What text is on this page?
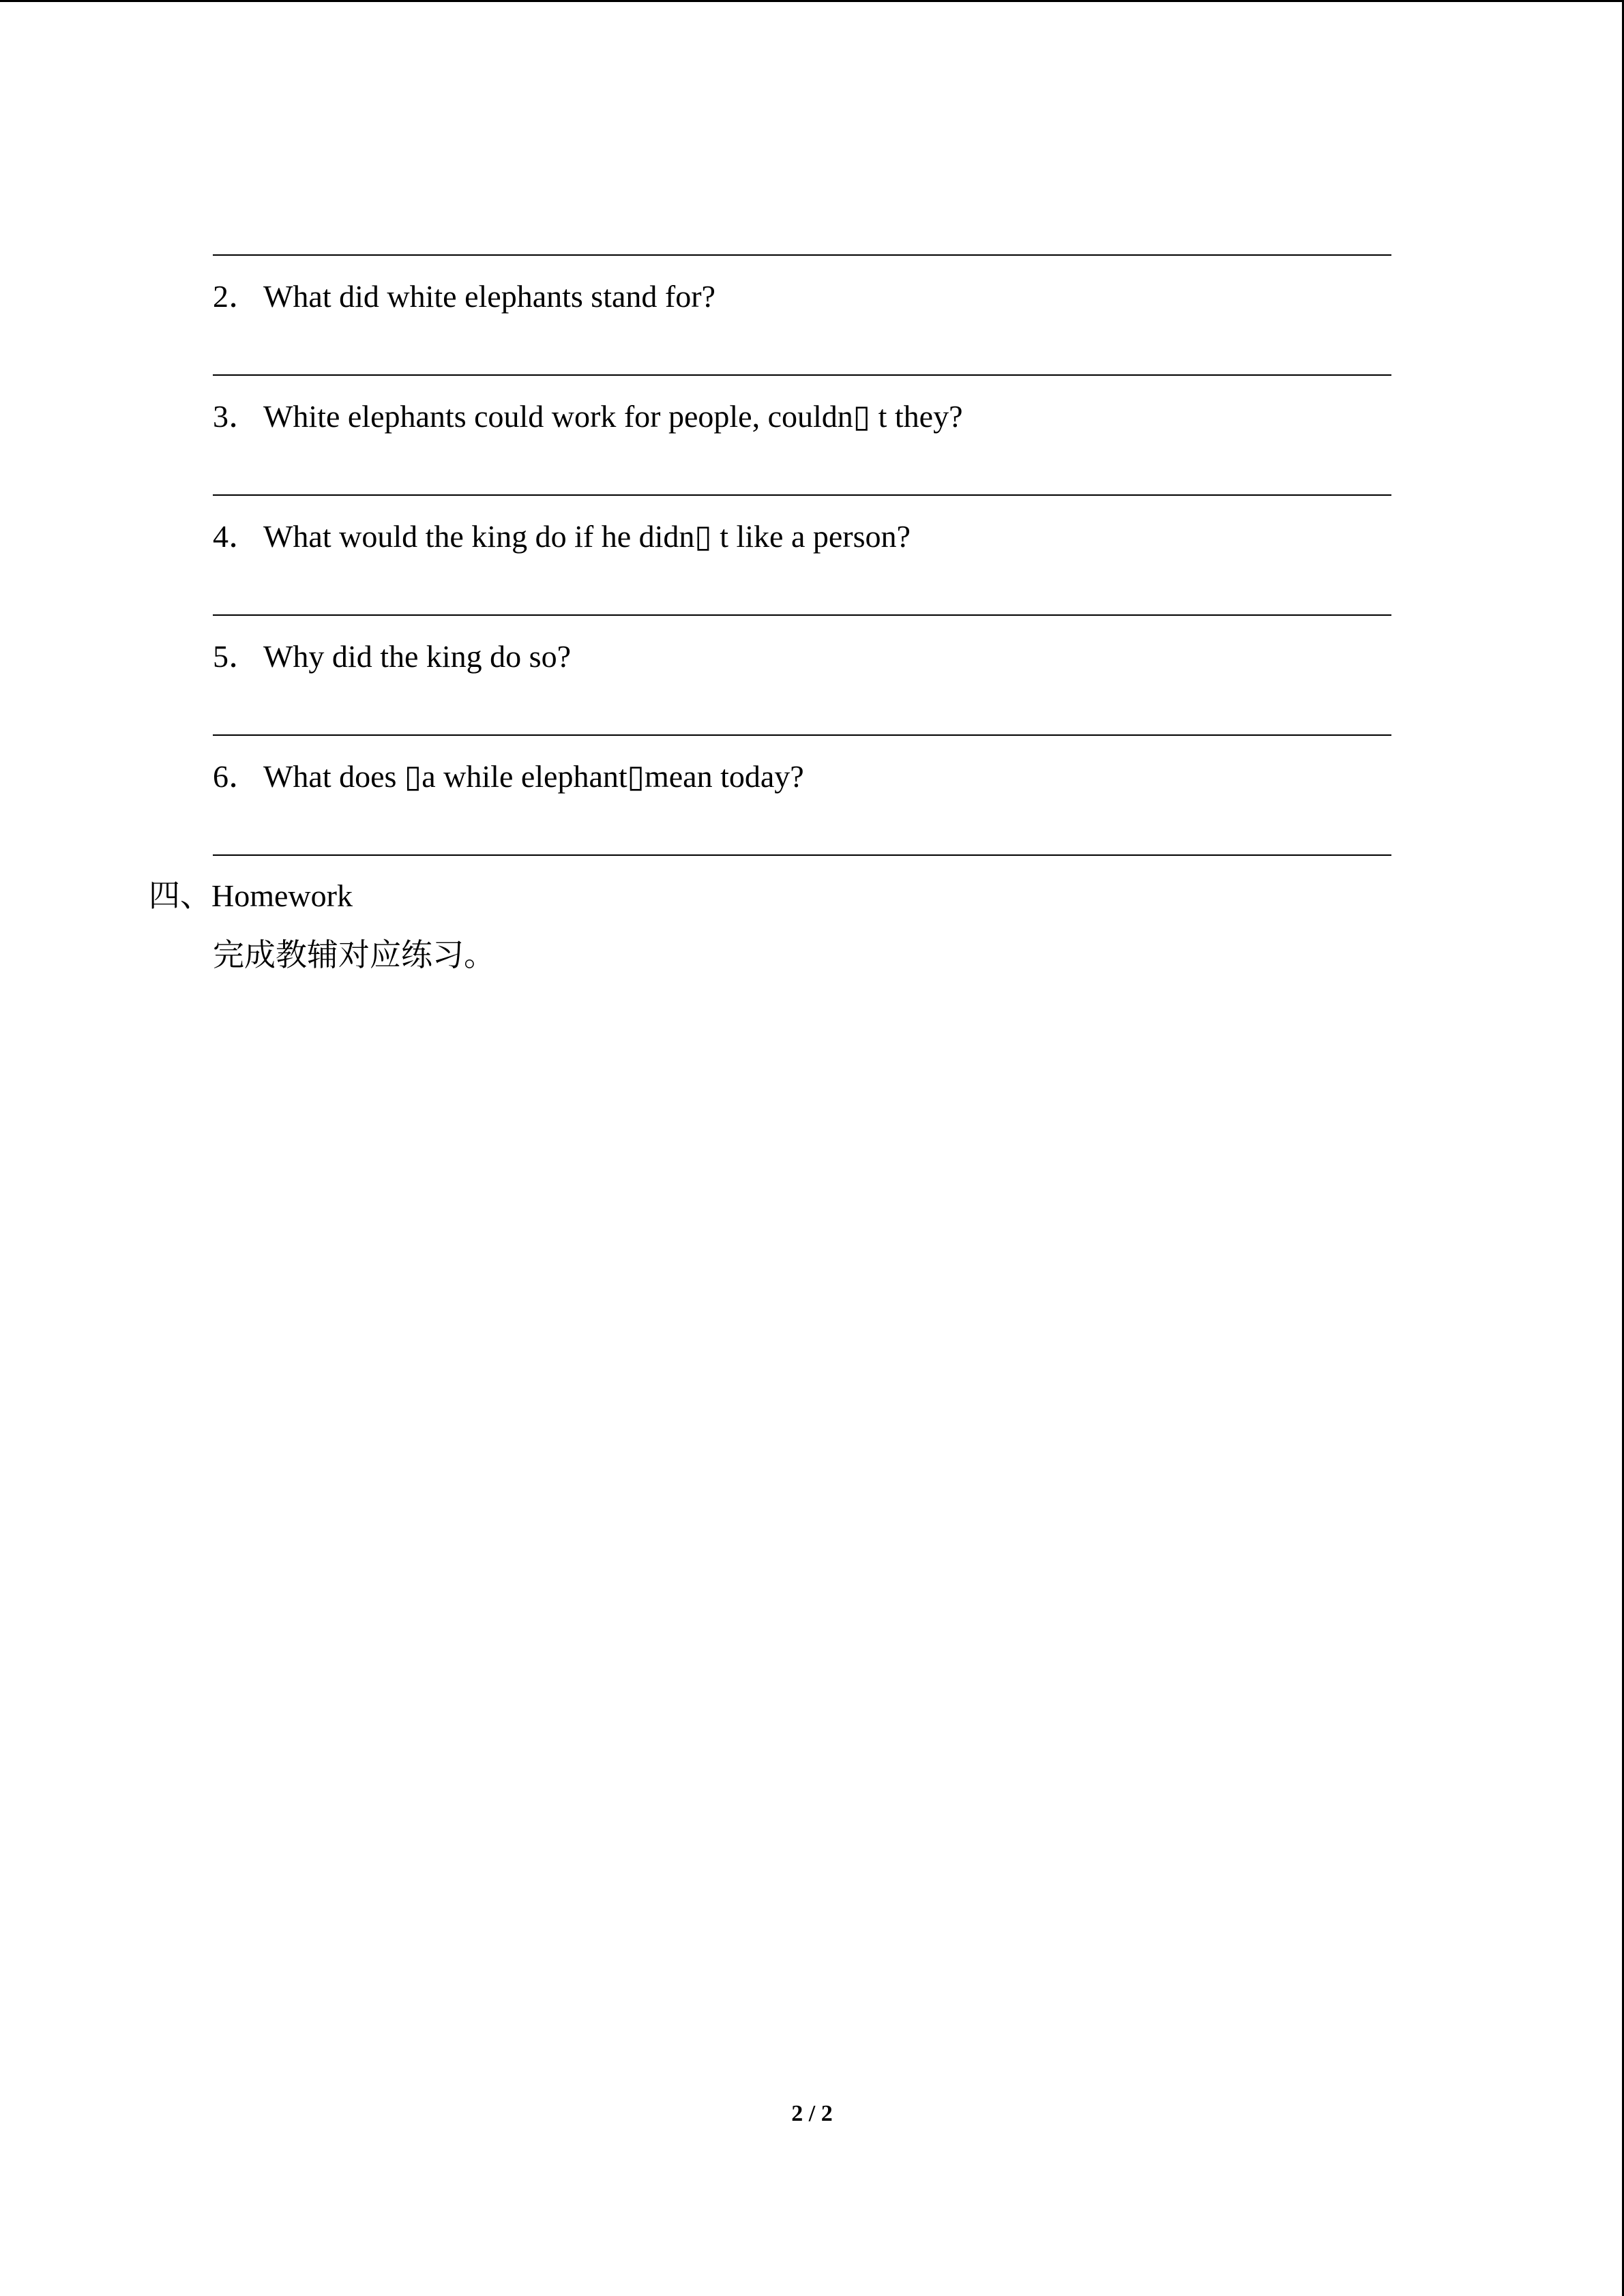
2． What did white elephants stand for?
3． White elephants could work for people, couldn▯ t they?
4． What would the king do if he didn▯ t like a person?
5． Why did the king do so?
6． What does ▯a while elephant▯mean today?
四、Homework
完成教辅对应练习。
2 / 2
